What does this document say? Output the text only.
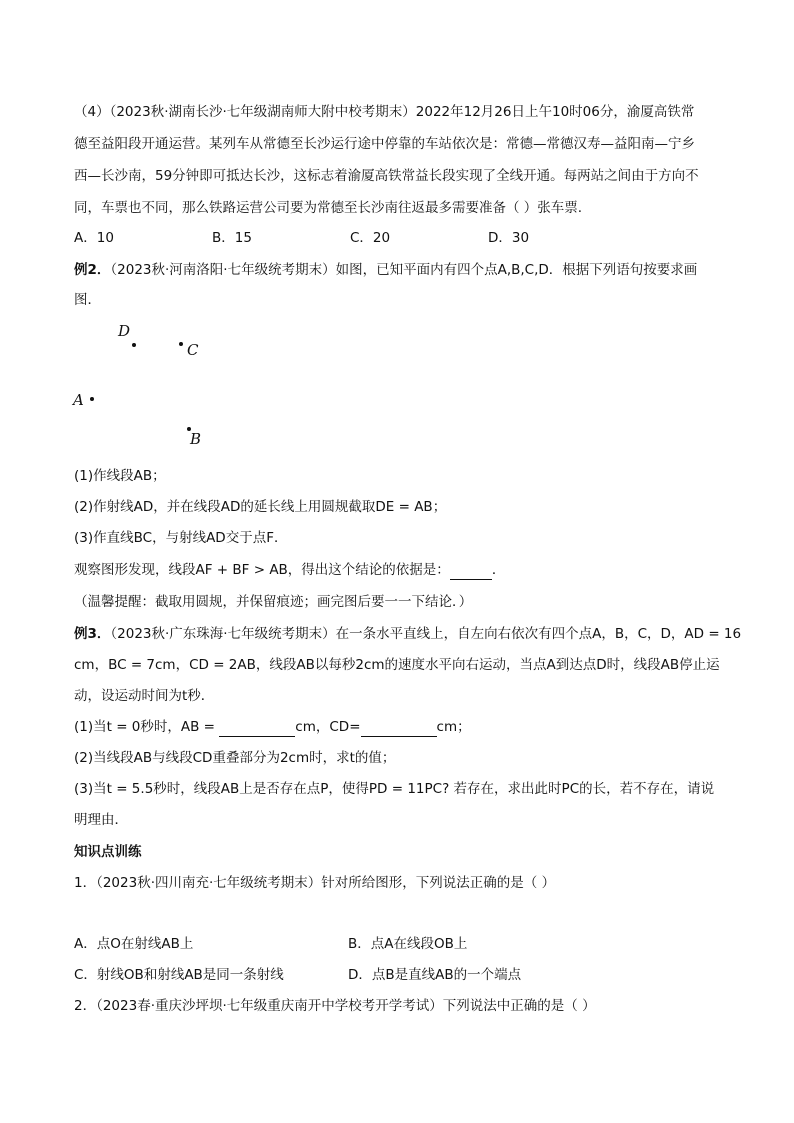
（4）（2023秋·湖南长沙·七年级湖南师大附中校考期末）2022年12月26日上午10时06分，渝厦高铁常
德至益阳段开通运营。某列车从常德至长沙运行途中停靠的车站依次是：常德—常德汉寿—益阳南—宁乡
西—长沙南，59分钟即可抵达长沙，这标志着渝厦高铁常益长段实现了全线开通。每两站之间由于方向不
同，车票也不同，那么铁路运营公司要为常德至长沙南往返最多需要准备（ ）张车票.
A．10	B．15	C．20	D．30
例2．（2023秋·河南洛阳·七年级统考期末）如图，已知平面内有四个点A,B,C,D．根据下列语句按要求画
图．
D
C
A
B
(1)作线段AB；
(2)作射线AD，并在线段AD的延长线上用圆规截取DE = AB；
(3)作直线BC，与射线AD交于点F．
观察图形发现，线段AF + BF > AB，得出这个结论的依据是：	．
（温馨提醒：截取用圆规，并保留痕迹；画完图后要一一下结论．）
例3．（2023秋·广东珠海·七年级统考期末）在一条水平直线上，自左向右依次有四个点A，B，C，D，AD = 16
cm，BC = 7cm，CD = 2AB，线段AB以每秒2cm的速度水平向右运动，当点A到达点D时，线段AB停止运
动，设运动时间为t秒．
(1)当t = 0秒时，AB =	cm，CD=	cm；
(2)当线段AB与线段CD重叠部分为2cm时，求t的值；
(3)当t = 5.5秒时，线段AB上是否存在点P，使得PD = 11PC? 若存在，求出此时PC的长，若不存在，请说
明理由．
知识点训练
1．（2023秋·四川南充·七年级统考期末）针对所给图形，下列说法正确的是（ ）
A．点O在射线AB上	B．点A在线段OB上
C．射线OB和射线AB是同一条射线	D．点B是直线AB的一个端点
2．（2023春·重庆沙坪坝·七年级重庆南开中学校考开学考试）下列说法中正确的是（ ）
